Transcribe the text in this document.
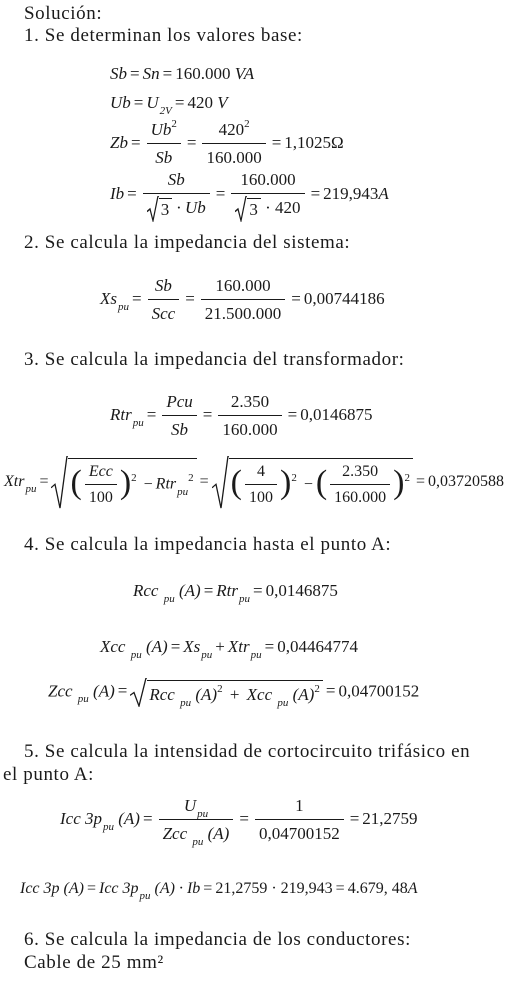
Solución:
1. Se determinan los valores base:
Sb = Sn = 160.000 VA
$Ub = U_{2V} = 420$ V
$Zb = \frac{Ub^2}{Sb} = \frac{420^2}{160.000} = 1,1025\Omega$
$Ib = \frac{Sb}{3 \cdot Ub} = \frac{160.000}{3 \cdot 420} = 219,943A$
2. Se calcula la impedancia del sistema:
$Xs_{pu} = \frac{Sb}{\text{Scc}} = \frac{160.000}{21.500.000} = 0,00744186$
3. Se calcula la impedancia del transformador:
$Rtr_{pu} = \frac{\text{Pcu}}{Sb} = \frac{2.350}{160.000} = 0,0146875$
Xtr$_{pu}$ = ( $\frac{\text{Ecc}}{100} )^2 - Rtr_{pu}^2$ = ( $\frac{4}{100} )^2$ −( $\frac{2.350}{160.000} )^2 = 0,03720588$
4. Se calcula la impedancia hasta el punto A:
Rcc $_{pu}$ (A) = Rtr$_{pu}$ = 0,0146875
Xcc $_{pu}$ $(A) = Xs_{pu} + Xtr_{pu} = 0,04464774$
Zcc $_{pu}$ (A) = Rcc $_{pu}$ $(A)^2$ + Xcc $_{pu}$ $(A)^2 = 0,04700152$
5. Se calcula la intensidad de cortocircuito trifásico en
el punto A:
Icc $3p_{pu}$ $(A) = \frac{U_{pu}}{Zcc _{pu} (A)} = \frac{1}{0,04700152} = 21,2759$
Icc 3p (A) = Icc $3p_{pu}$ (A) · Ib = 21,2759 · 219,943 = 4.679, 48A
6. Se calcula la impedancia de los conductores:
Cable de 25 mm²
